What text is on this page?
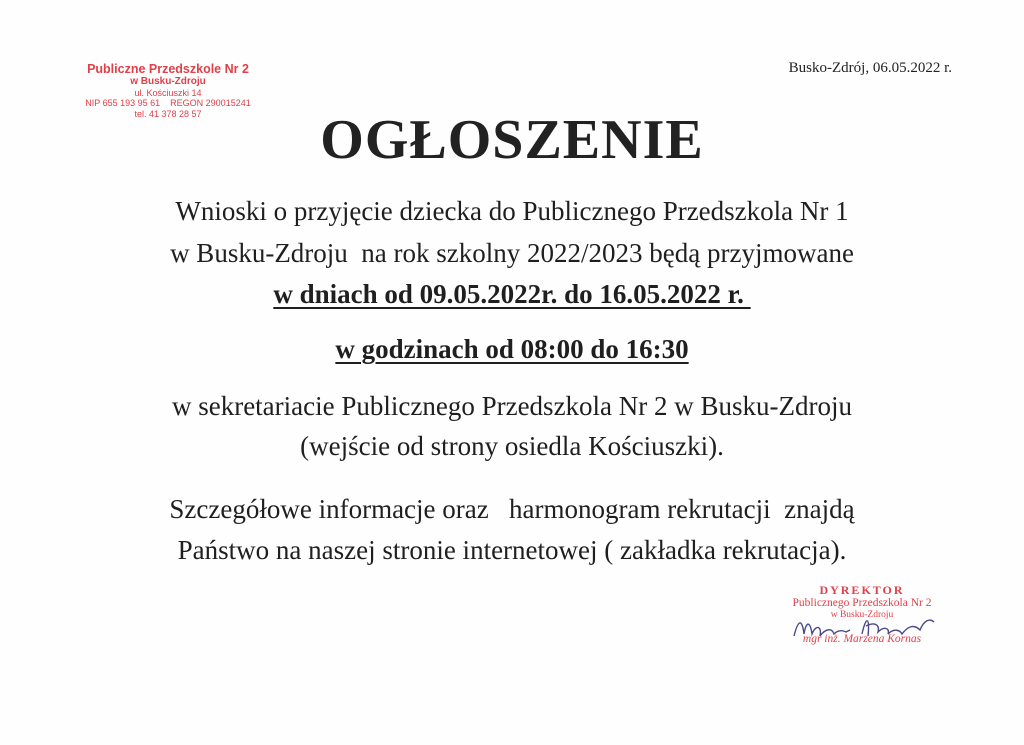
Publiczne Przedszkole Nr 2
w Busku-Zdroju
ul. Kościuszki 14
NIP 655 193 95 61    REGON 290015241
tel. 41 378 28 57
Busko-Zdrój, 06.05.2022 r.
OGŁOSZENIE
Wnioski o przyjęcie dziecka do Publicznego Przedszkola Nr 1
w Busku-Zdroju  na rok szkolny 2022/2023 będą przyjmowane
w dniach od 09.05.2022r. do 16.05.2022 r.
w godzinach od 08:00 do 16:30
w sekretariacie Publicznego Przedszkola Nr 2 w Busku-Zdroju
(wejście od strony osiedla Kościuszki).
Szczegółowe informacje oraz   harmonogram rekrutacji  znajdą
Państwo na naszej stronie internetowej ( zakładka rekrutacja).
DYREKTOR
Publicznego Przedszkola Nr 2
w Busku-Zdroju
mgr inż. Marzena Kornas
